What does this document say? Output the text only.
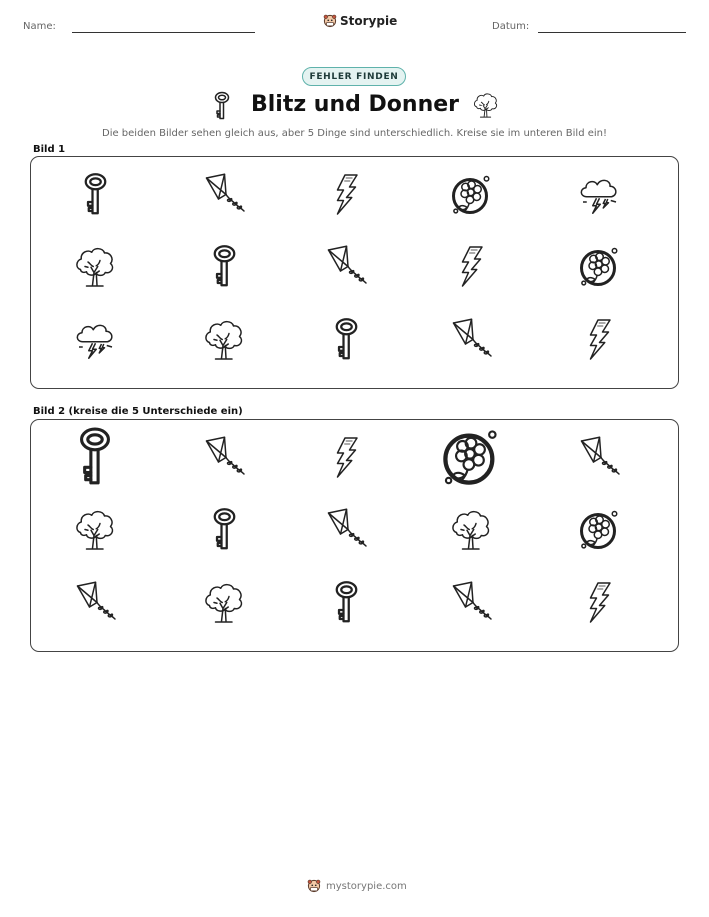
Name:	Storypie	Datum:
FEHLER FINDEN
Blitz und Donner
Die beiden Bilder sehen gleich aus, aber 5 Dinge sind unterschiedlich. Kreise sie im unteren Bild ein!
Bild 1
Bild 2 (kreise die 5 Unterschiede ein)
mystorypie.com
